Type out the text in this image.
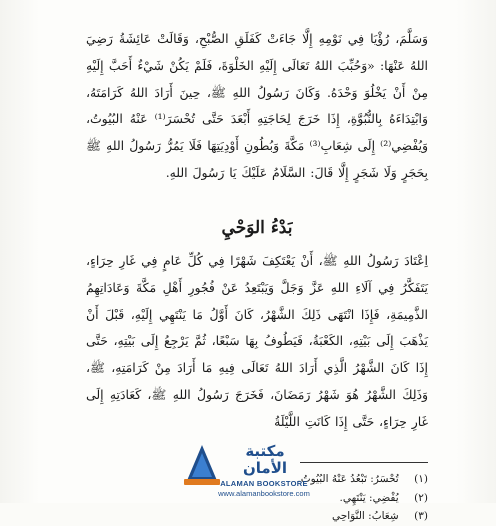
وَسَلَّمَ، رُؤْيَا فِي نَوْمِهِ إِلَّا جَاءَتْ كَفَلَقِ الصُّبْحِ، وَقَالَتْ عَائِشَةُ رَضِيَ اللهُ عَنْهَا: «وَحُبِّبَ اللهُ تَعَالَى إِلَيْهِ الخَلْوَةَ، فَلَمْ يَكُنْ شَيْءٌ أَحَبَّ إِلَيْهِ مِنْ أَنْ يَخْلُوَ وَحْدَهُ. وَكَانَ رَسُولُ اللهِ ﷺ، حِينَ أَرَادَ اللهُ كَرَامَتَهُ، وَابْتِدَاءَهُ بِالنُّبُوَّةِ، إِذَا خَرَجَ لِحَاجَتِهِ أَبْعَدَ حَتَّى تُحْسَرَ⁽¹⁾ عَنْهُ البُيُوتُ، وَيُفْضِي⁽²⁾ إِلَى شِعَابِ⁽³⁾ مَكَّةَ وَبُطُونِ أَوْدِيَتِهَا فَلَا يَمُرُّ رَسُولُ اللهِ ﷺ بِحَجَرٍ وَلَا شَجَرٍ إِلَّا قَالَ: السَّلَامُ عَلَيْكَ يَا رَسُولَ اللهِ.

بَدْءُ الوَحْيِ

اِعْتَادَ رَسُولُ اللهِ ﷺ، أَنْ يَعْتَكِفَ شَهْرًا فِي كُلِّ عَامٍ فِي غَارِ حِرَاءٍ، يَتَفَكَّرُ فِي آلَاءِ اللهِ عَزَّ وَجَلَّ وَيَبْتَعِدُ عَنْ فُجُورِ أَهْلِ مَكَّةَ وَعَادَاتِهِمُ الذَّمِيمَةِ، فَإِذَا انْتَهَى ذَلِكَ الشَّهْرُ، كَانَ أَوَّلُ مَا يَنْتَهِي إِلَيْهِ، قَبْلَ أَنْ يَذْهَبَ إِلَى بَيْتِهِ، الكَعْبَةُ، فَيَطُوفُ بِهَا سَبْعًا، ثُمَّ يَرْجِعُ إِلَى بَيْتِهِ، حَتَّى إِذَا كَانَ الشَّهْرُ الَّذِي أَرَادَ اللهُ تَعَالَى فِيهِ مَا أَرَادَ مِنْ كَرَامَتِهِ، ﷺ، وَذَلِكَ الشَّهْرُ هُوَ شَهْرُ رَمَضَانَ، فَخَرَجَ رَسُولُ اللهِ ﷺ، كَعَادَتِهِ إِلَى غَارِ حِرَاءٍ، حَتَّى إِذَا كَانَتِ اللَّيْلَةُ

(١) تُحْسَرُ: تَبْعُدُ عَنْهُ البُيُوتُ.
(٢) يُفْضِي: يَنْتَهِي.
(٣) شِعَابُ: النَّوَاحِي
مكتبة
الأمان
ALAMAN BOOKSTORE
www.alamanbookstore.com
